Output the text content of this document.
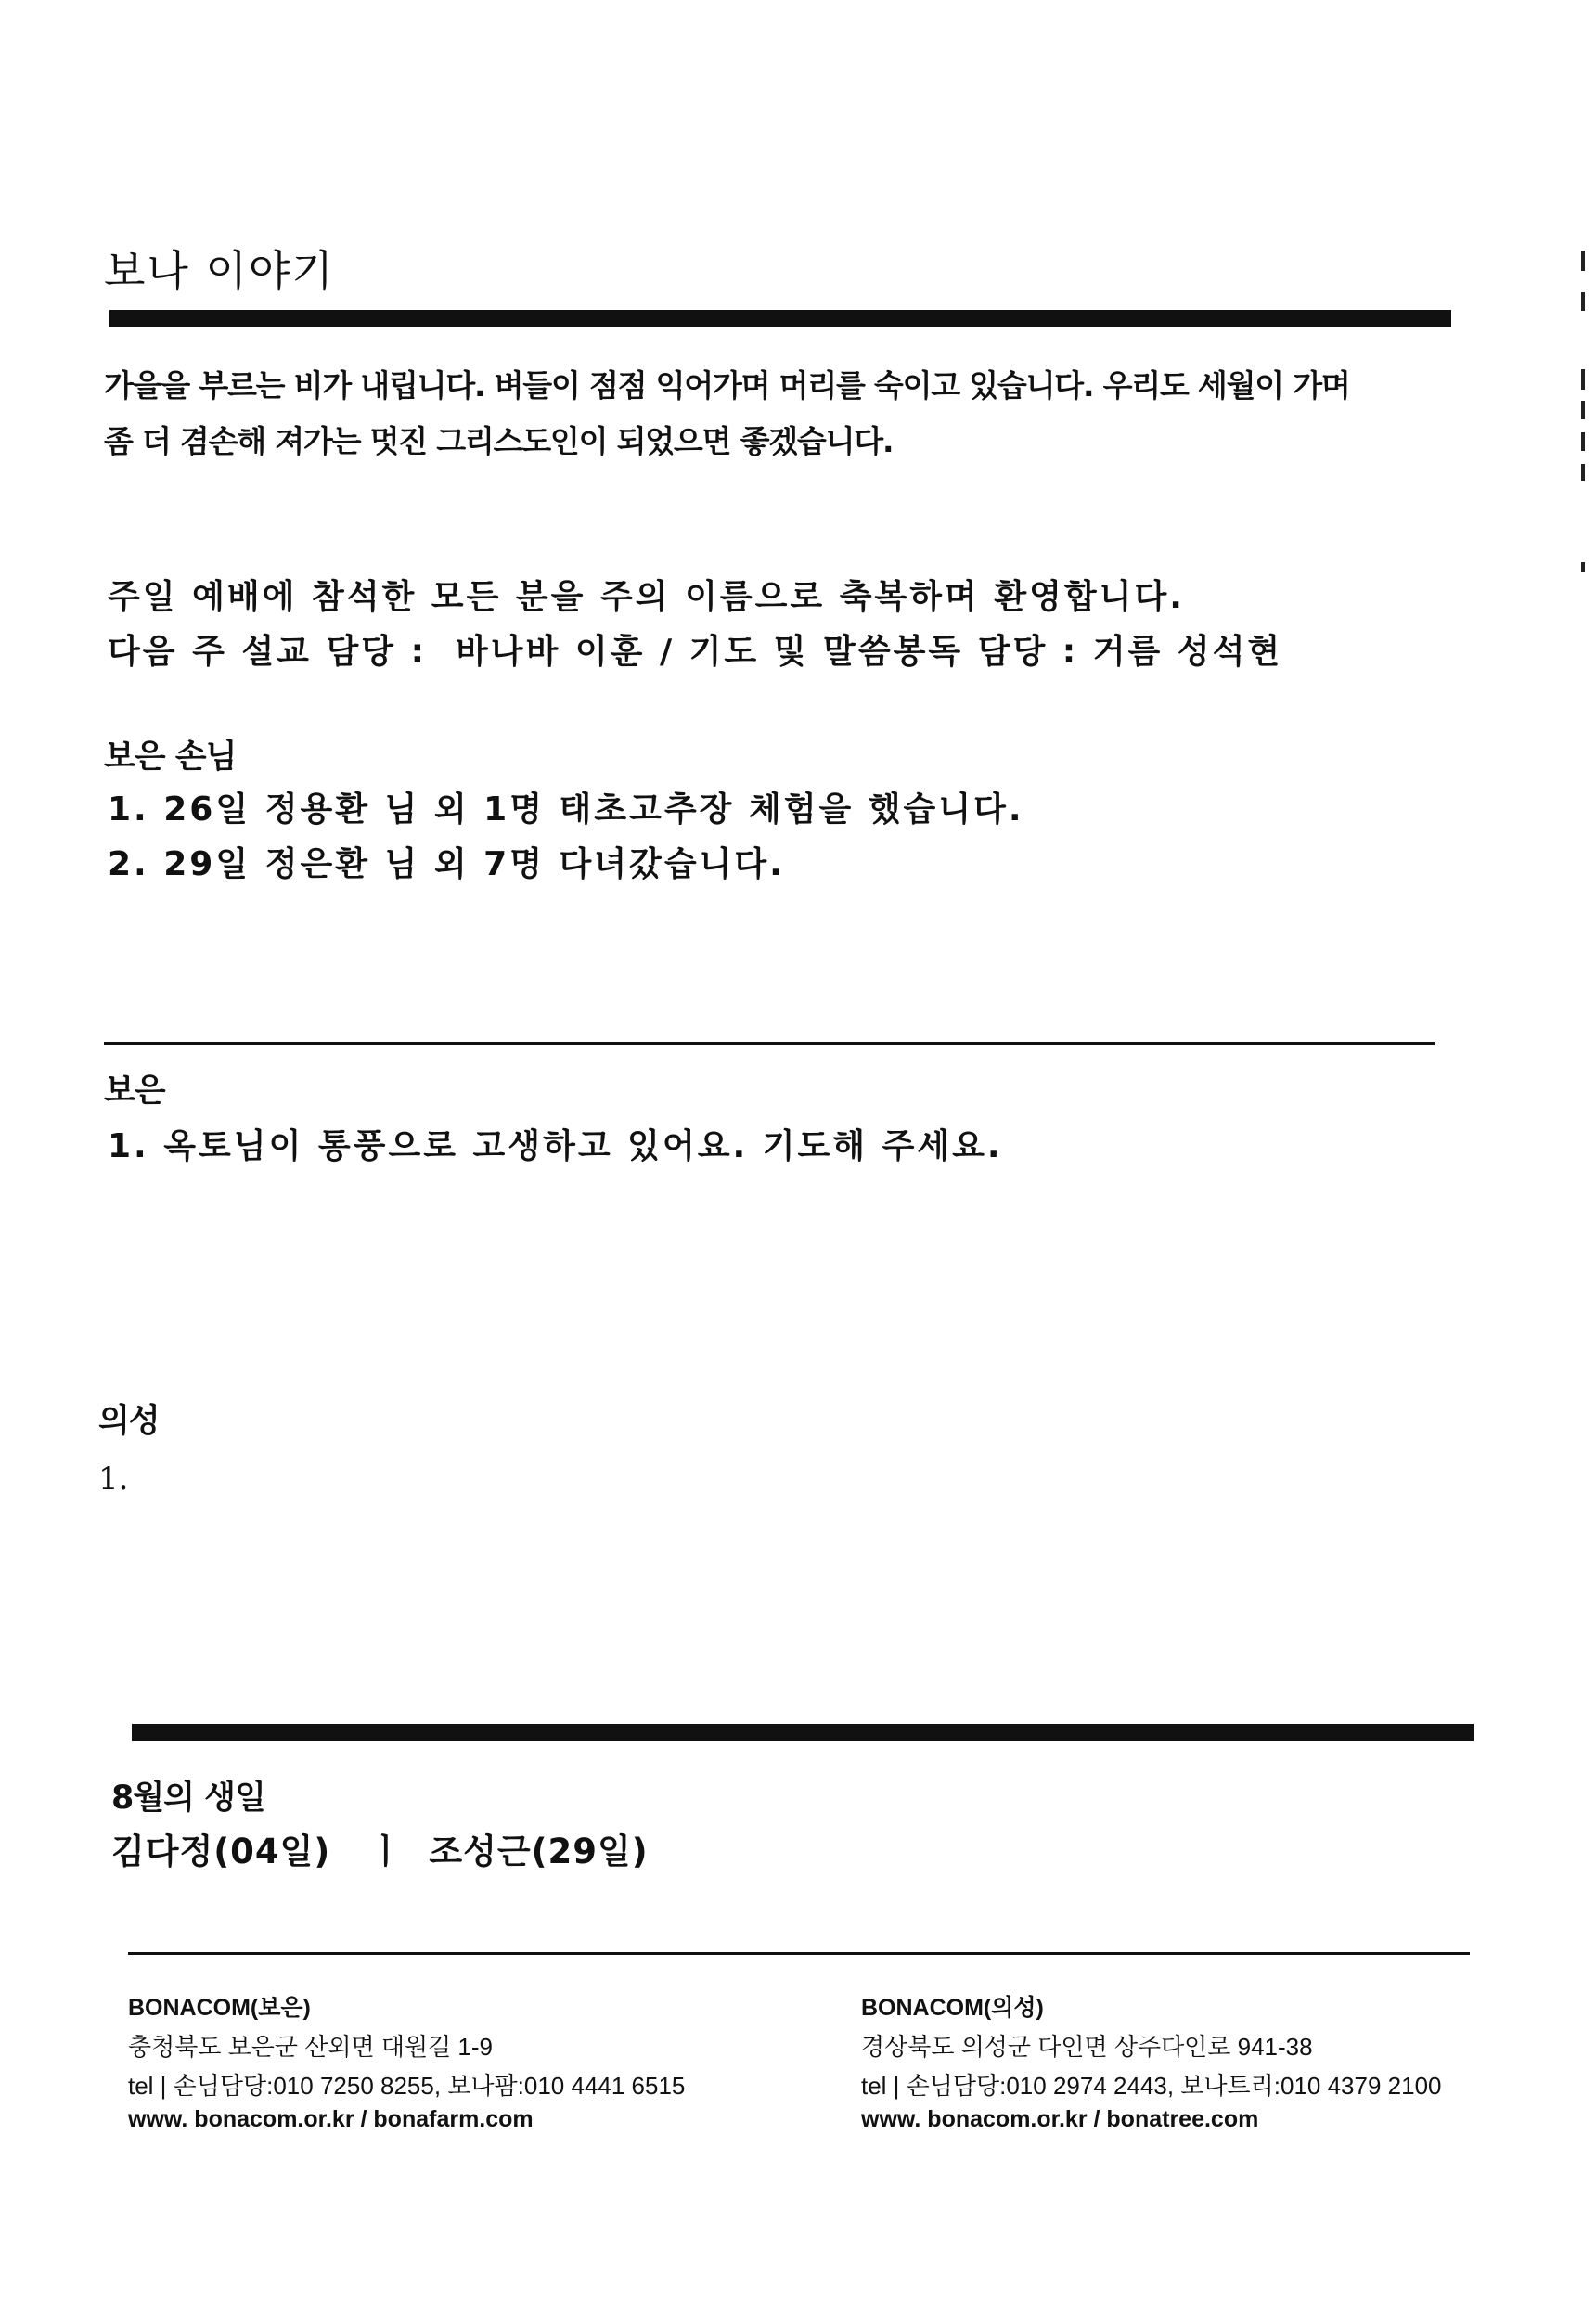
보나 이야기
가을을 부르는 비가 내립니다. 벼들이 점점 익어가며 머리를 숙이고 있습니다. 우리도 세월이 가며
좀 더 겸손해 져가는 멋진 그리스도인이 되었으면 좋겠습니다.
주일 예배에 참석한 모든 분을 주의 이름으로 축복하며 환영합니다.
다음 주 설교 담당 :  바나바 이훈 / 기도 및 말씀봉독 담당 : 거름 성석현
보은 손님
1. 26일 정용환 님 외 1명 태초고추장 체험을 했습니다.
2. 29일 정은환 님 외 7명 다녀갔습니다.
보은
1. 옥토님이 통풍으로 고생하고 있어요. 기도해 주세요.
의성
1.
8월의 생일
김다정(04일)   ㅣ  조성근(29일)
BONACOM(보은)
충청북도 보은군 산외면 대원길 1-9
tel | 손님담당:010 7250 8255, 보나팜:010 4441 6515
www. bonacom.or.kr / bonafarm.com
BONACOM(의성)
경상북도 의성군 다인면 상주다인로 941-38
tel | 손님담당:010 2974 2443, 보나트리:010 4379 2100
www. bonacom.or.kr / bonatree.com
